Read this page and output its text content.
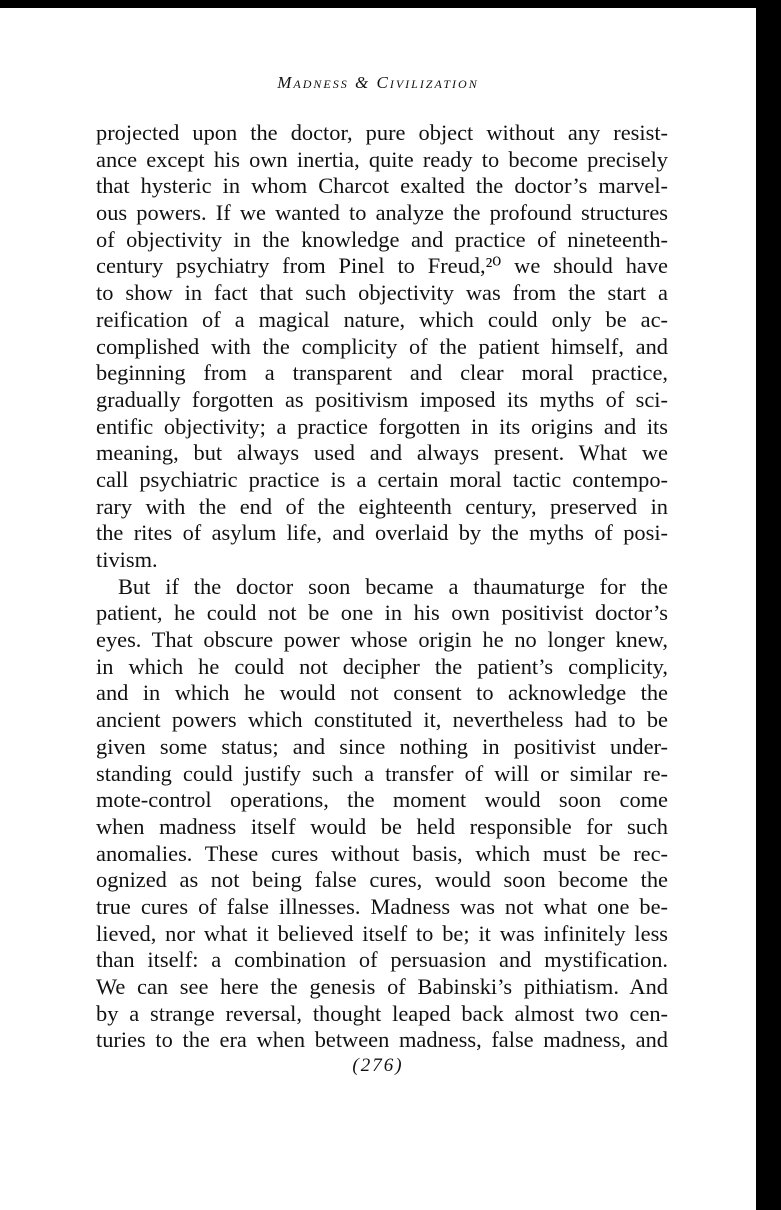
Madness & Civilization
projected upon the doctor, pure object without any resist-
ance except his own inertia, quite ready to become precisely
that hysteric in whom Charcot exalted the doctor’s marvel-
ous powers. If we wanted to analyze the profound structures
of objectivity in the knowledge and practice of nineteenth-
century psychiatry from Pinel to Freud,²⁰ we should have
to show in fact that such objectivity was from the start a
reification of a magical nature, which could only be ac-
complished with the complicity of the patient himself, and
beginning from a transparent and clear moral practice,
gradually forgotten as positivism imposed its myths of sci-
entific objectivity; a practice forgotten in its origins and its
meaning, but always used and always present. What we
call psychiatric practice is a certain moral tactic contempo-
rary with the end of the eighteenth century, preserved in
the rites of asylum life, and overlaid by the myths of posi-
tivism.
But if the doctor soon became a thaumaturge for the
patient, he could not be one in his own positivist doctor’s
eyes. That obscure power whose origin he no longer knew,
in which he could not decipher the patient’s complicity,
and in which he would not consent to acknowledge the
ancient powers which constituted it, nevertheless had to be
given some status; and since nothing in positivist under-
standing could justify such a transfer of will or similar re-
mote-control operations, the moment would soon come
when madness itself would be held responsible for such
anomalies. These cures without basis, which must be rec-
ognized as not being false cures, would soon become the
true cures of false illnesses. Madness was not what one be-
lieved, nor what it believed itself to be; it was infinitely less
than itself: a combination of persuasion and mystification.
We can see here the genesis of Babinski’s pithiatism. And
by a strange reversal, thought leaped back almost two cen-
turies to the era when between madness, false madness, and
(276)
